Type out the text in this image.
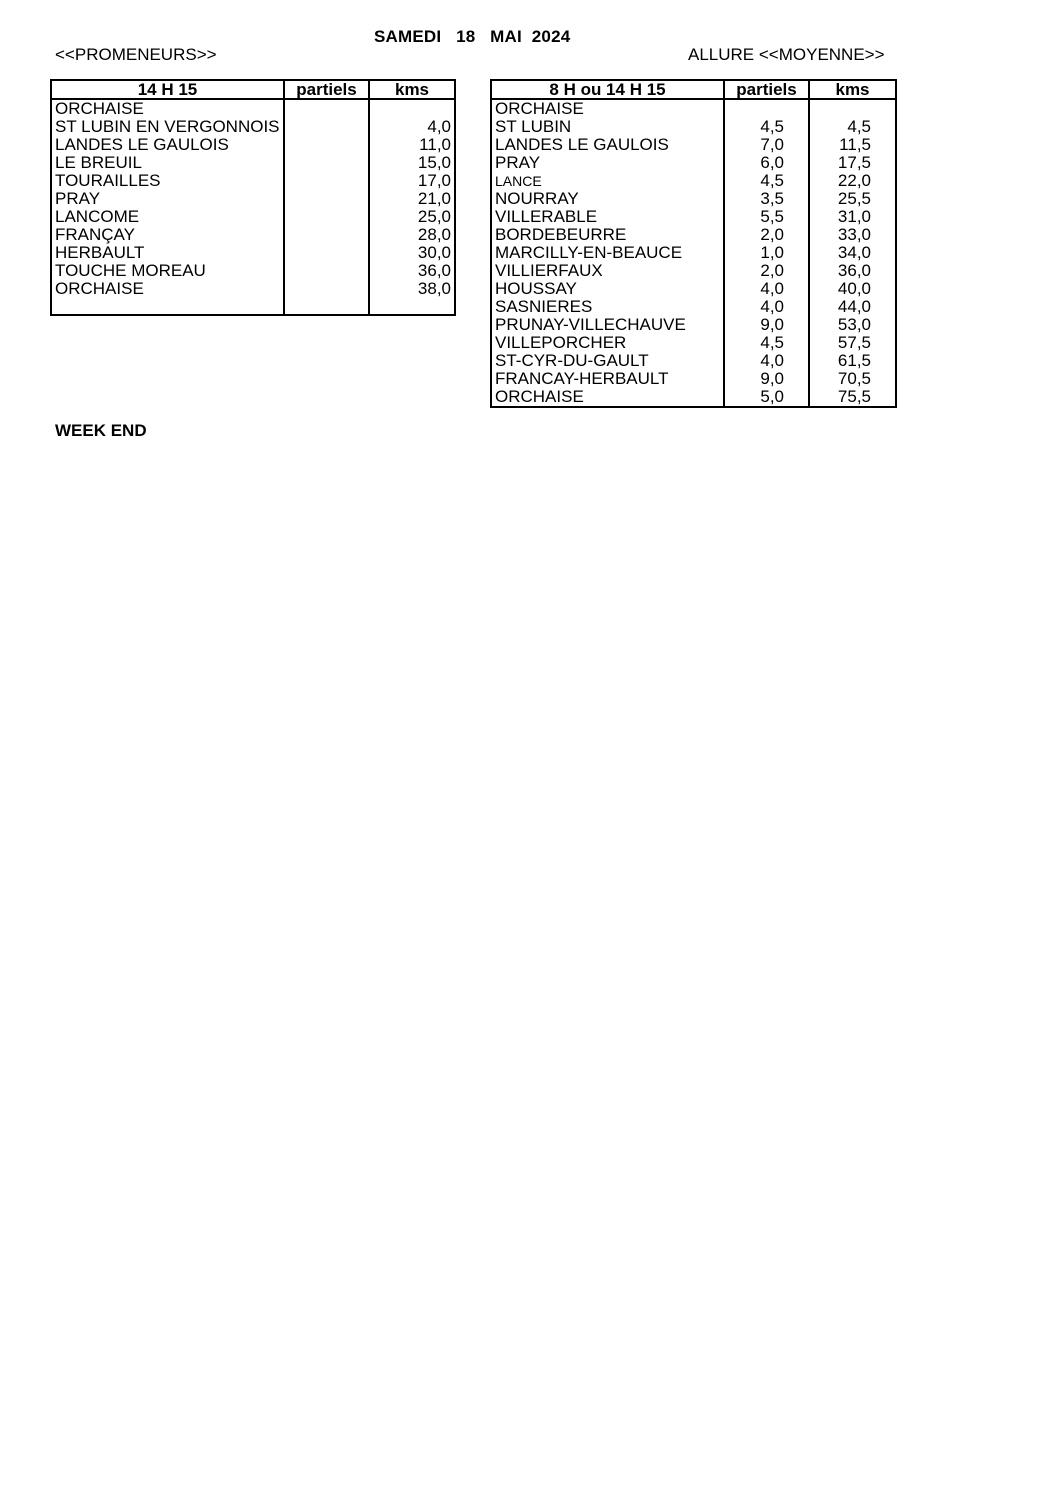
SAMEDI   18   MAI  2024
<<PROMENEURS>>	ALLURE <<MOYENNE>>
14 H 15	partiels	kms
ORCHAISE		
ST LUBIN EN VERGONNOIS		4,0
LANDES LE GAULOIS		11,0
LE BREUIL		15,0
TOURAILLES		17,0
PRAY		21,0
LANCOME		25,0
FRANÇAY		28,0
HERBAULT		30,0
TOUCHE MOREAU		36,0
ORCHAISE		38,0

8 H ou 14 H 15	partiels	kms
ORCHAISE		
ST LUBIN	4,5	4,5
LANDES LE GAULOIS	7,0	11,5
PRAY	6,0	17,5
LANCE	4,5	22,0
NOURRAY	3,5	25,5
VILLERABLE	5,5	31,0
BORDEBEURRE	2,0	33,0
MARCILLY-EN-BEAUCE	1,0	34,0
VILLIERFAUX	2,0	36,0
HOUSSAY	4,0	40,0
SASNIERES	4,0	44,0
PRUNAY-VILLECHAUVE	9,0	53,0
VILLEPORCHER	4,5	57,5
ST-CYR-DU-GAULT	4,0	61,5
FRANCAY-HERBAULT	9,0	70,5
ORCHAISE	5,0	75,5
WEEK END
